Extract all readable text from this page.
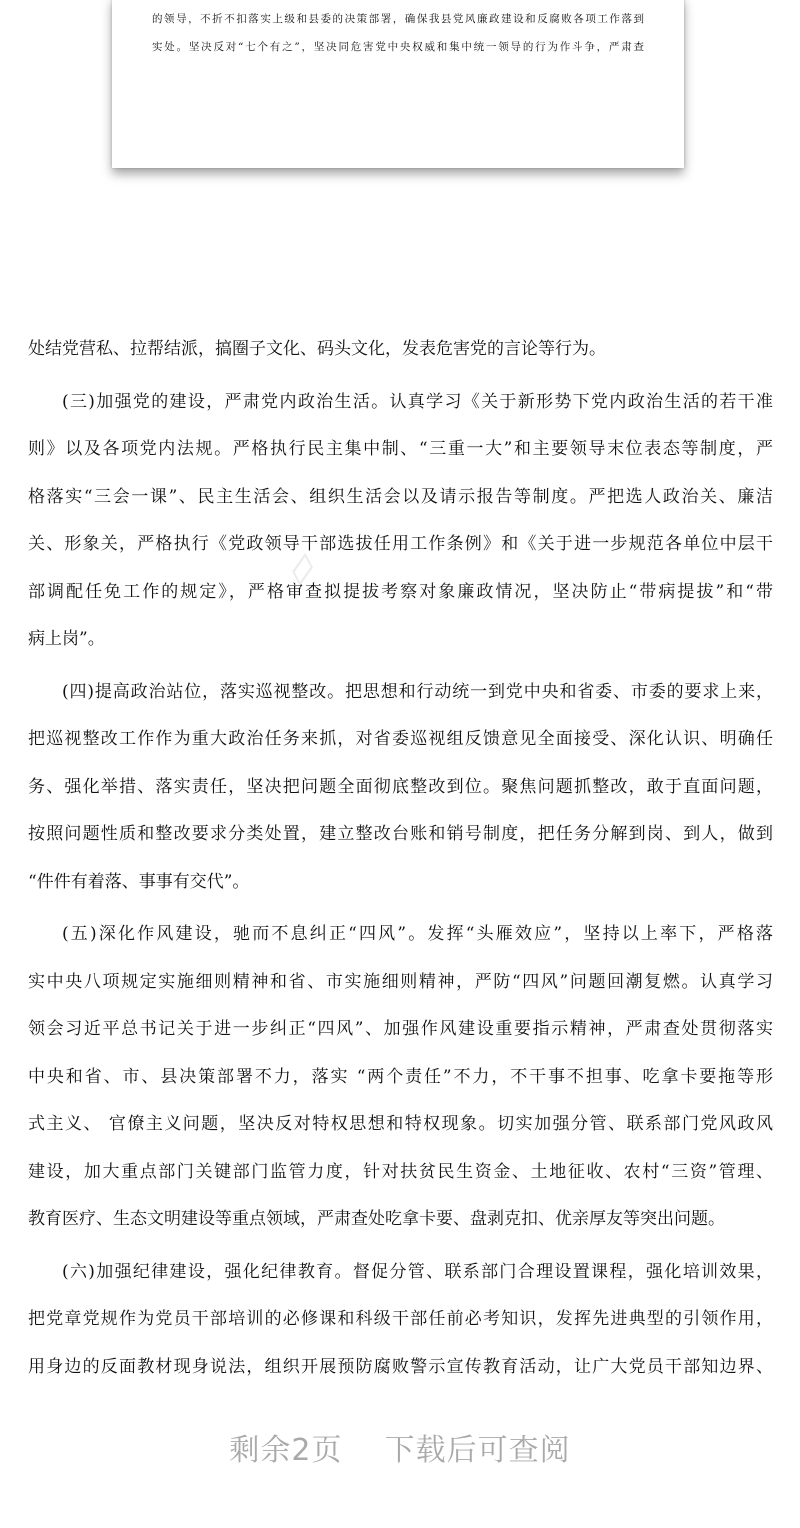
的领导，不折不扣落实上级和县委的决策部署，确保我县党风廉政建设和反腐败各项工作落到
实处。坚决反对“七个有之”，坚决同危害党中央权威和集中统一领导的行为作斗争，严肃查
▱
处结党营私、拉帮结派，搞圈子文化、码头文化，发表危害党的言论等行为。
(三)加强党的建设，严肃党内政治生活。认真学习《关于新形势下党内政治生活的若干准
则》以及各项党内法规。严格执行民主集中制、“三重一大”和主要领导末位表态等制度，严
格落实“三会一课”、民主生活会、组织生活会以及请示报告等制度。严把选人政治关、廉洁
关、形象关，严格执行《党政领导干部选拔任用工作条例》和《关于进一步规范各单位中层干
部调配任免工作的规定》，严格审查拟提拔考察对象廉政情况，坚决防止“带病提拔”和“带
病上岗”。
(四)提高政治站位，落实巡视整改。把思想和行动统一到党中央和省委、市委的要求上来，
把巡视整改工作作为重大政治任务来抓，对省委巡视组反馈意见全面接受、深化认识、明确任
务、强化举措、落实责任，坚决把问题全面彻底整改到位。聚焦问题抓整改，敢于直面问题，
按照问题性质和整改要求分类处置，建立整改台账和销号制度，把任务分解到岗、到人，做到
“件件有着落、事事有交代”。
(五)深化作风建设，驰而不息纠正“四风”。发挥“头雁效应”，坚持以上率下，严格落
实中央八项规定实施细则精神和省、市实施细则精神，严防“四风”问题回潮复燃。认真学习
领会习近平总书记关于进一步纠正“四风”、加强作风建设重要指示精神，严肃查处贯彻落实
中央和省、市、县决策部署不力，落实 “两个责任”不力，不干事不担事、吃拿卡要拖等形
式主义、 官僚主义问题，坚决反对特权思想和特权现象。切实加强分管、联系部门党风政风
建设，加大重点部门关键部门监管力度，针对扶贫民生资金、土地征收、农村“三资”管理、
教育医疗、生态文明建设等重点领域，严肃查处吃拿卡要、盘剥克扣、优亲厚友等突出问题。
(六)加强纪律建设，强化纪律教育。督促分管、联系部门合理设置课程，强化培训效果，
把党章党规作为党员干部培训的必修课和科级干部任前必考知识，发挥先进典型的引领作用，
用身边的反面教材现身说法，组织开展预防腐败警示宣传教育活动，让广大党员干部知边界、
剩余2页 下载后可查阅
